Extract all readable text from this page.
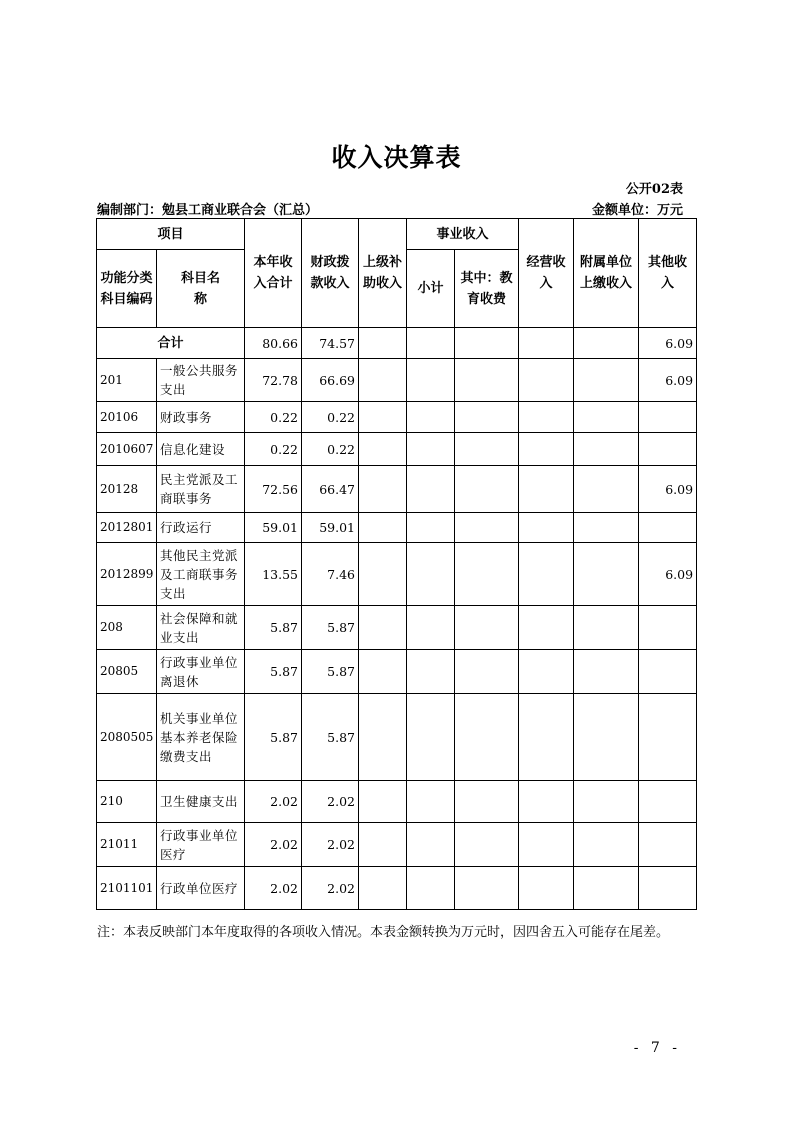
收入决算表
公开02表
编制部门：勉县工商业联合会（汇总）	金额单位：万元
项目		本年收入合计	财政拨款收入	上级补助收入	事业收入		经营收入	附属单位上缴收入	其他收入
功能分类科目编码	科目名称				小计	其中：教育收费			
合计		80.66	74.57						6.09
201	一般公共服务支出	72.78	66.69						6.09
20106	财政事务	0.22	0.22						
2010607	信息化建设	0.22	0.22						
20128	民主党派及工商联事务	72.56	66.47						6.09
2012801	行政运行	59.01	59.01						
2012899	其他民主党派及工商联事务支出	13.55	7.46						6.09
208	社会保障和就业支出	5.87	5.87						
20805	行政事业单位离退休	5.87	5.87						
2080505	机关事业单位基本养老保险缴费支出	5.87	5.87						
210	卫生健康支出	2.02	2.02						
21011	行政事业单位医疗	2.02	2.02						
2101101	行政单位医疗	2.02	2.02						
注：本表反映部门本年度取得的各项收入情况。本表金额转换为万元时，因四舍五入可能存在尾差。
- 7 -
